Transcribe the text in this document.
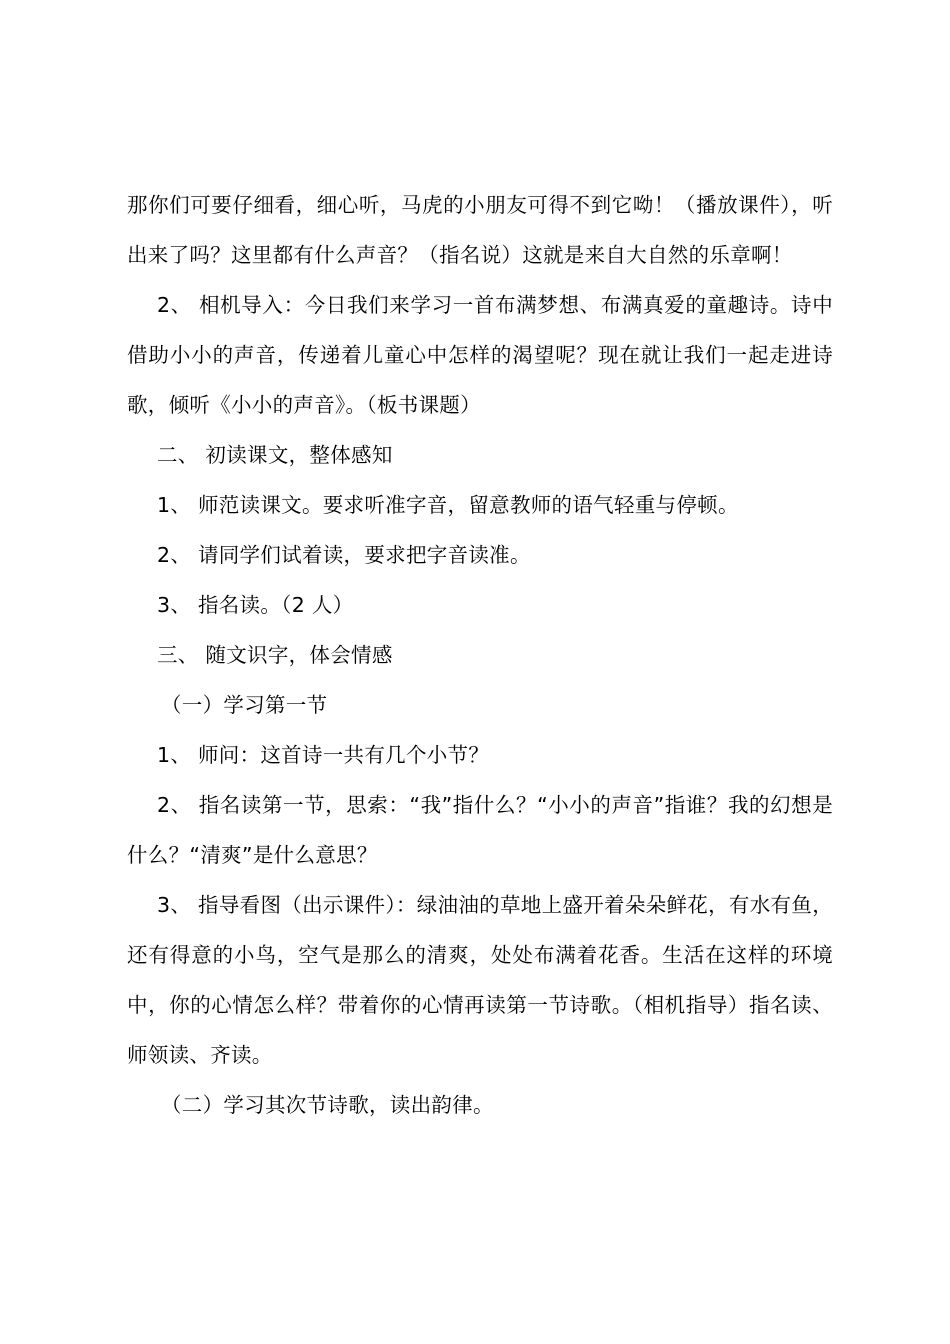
那你们可要仔细看，细心听，马虎的小朋友可得不到它呦！（播放课件），听出来了吗？这里都有什么声音？（指名说）这就是来自大自然的乐章啊！

2、 相机导入：今日我们来学习一首布满梦想、布满真爱的童趣诗。诗中借助小小的声音，传递着儿童心中怎样的渴望呢？现在就让我们一起走进诗歌，倾听《小小的声音》。（板书课题）

二、 初读课文，整体感知

1、 师范读课文。要求听准字音，留意教师的语气轻重与停顿。

2、 请同学们试着读，要求把字音读准。

3、 指名读。（2 人）

三、 随文识字，体会情感

（一）学习第一节

1、 师问：这首诗一共有几个小节？

2、 指名读第一节，思索：“我”指什么？“小小的声音”指谁？我的幻想是什么？“清爽”是什么意思？

3、 指导看图（出示课件）：绿油油的草地上盛开着朵朵鲜花，有水有鱼，还有得意的小鸟，空气是那么的清爽，处处布满着花香。生活在这样的环境中，你的心情怎么样？带着你的心情再读第一节诗歌。（相机指导）指名读、师领读、齐读。

（二）学习其次节诗歌，读出韵律。
